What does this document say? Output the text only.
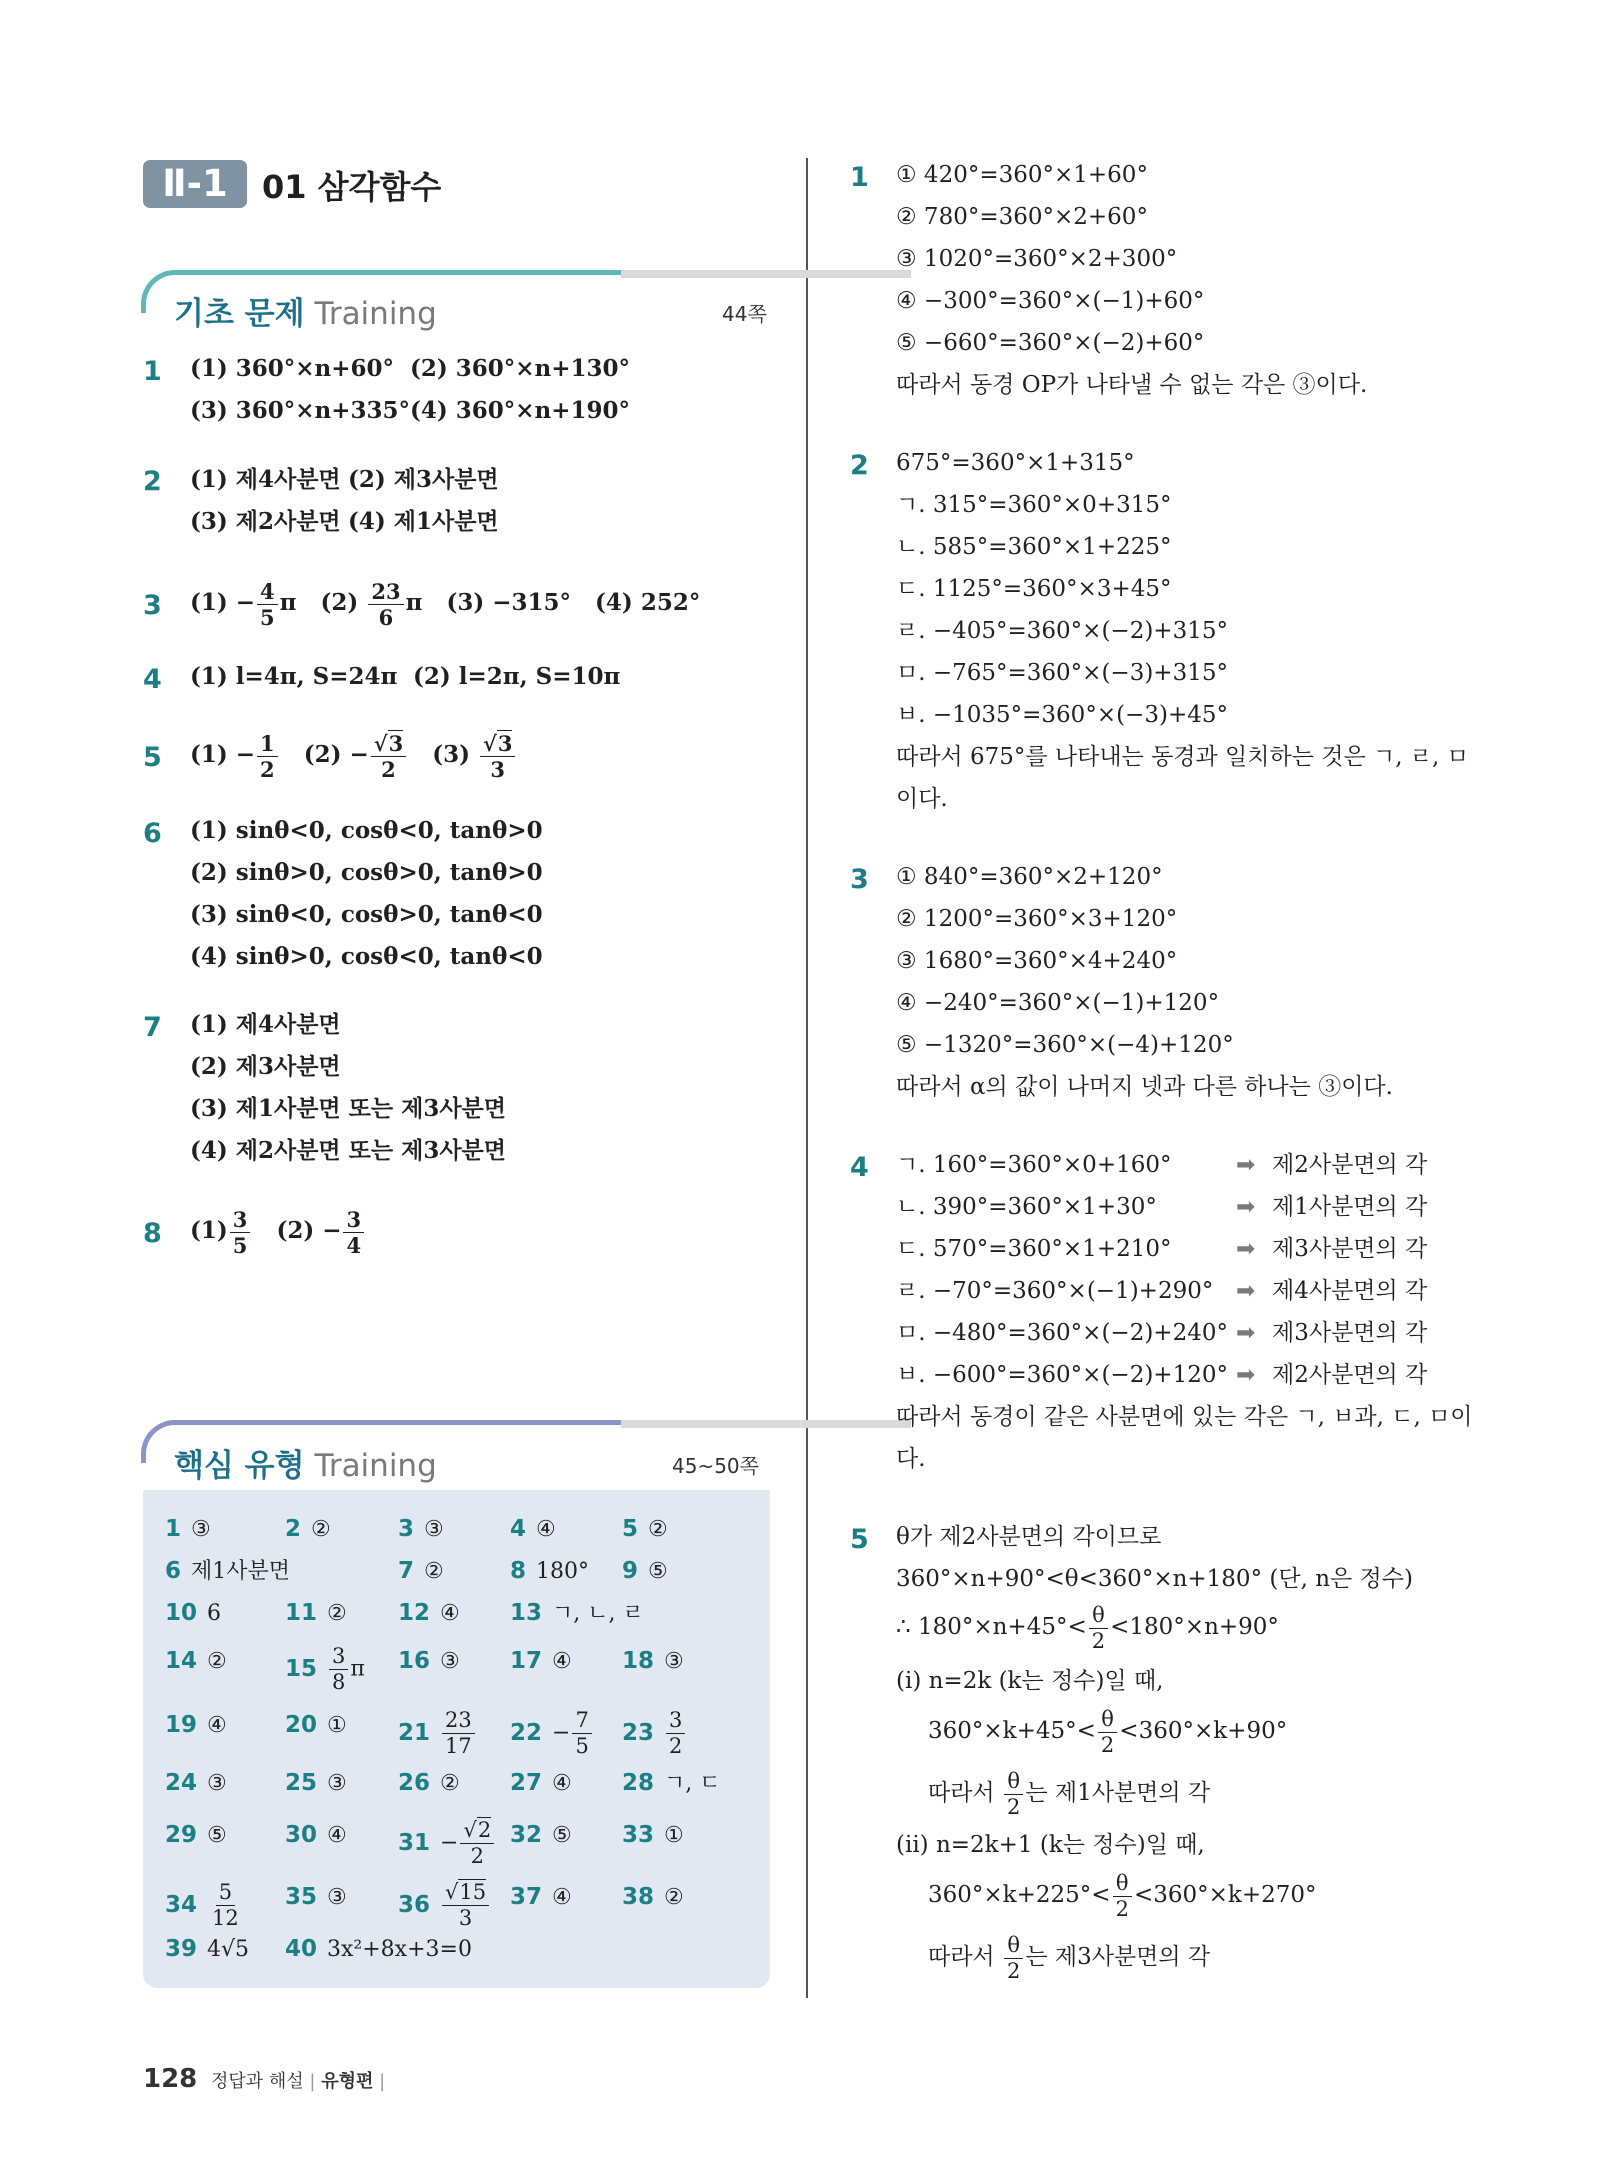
Ⅱ-1	01 삼각함수
기초 문제 Training	44쪽
1 (1) 360°×n+60° (2) 360°×n+130°
(3) 360°×n+335° (4) 360°×n+190°
2 (1) 제4사분면 (2) 제3사분면
(3) 제2사분면 (4) 제1사분면
3 $(1) - \frac{4}{5}$ π $(2) \frac{23}{6}$ π (3) −315° (4) 252°
4 (1) l=4π, S=24π (2) l=2π, S=10π
5 $(1) - \frac{1}{2} (2) - \frac{√3}{2} (3) \frac{√3}{3}$
6 (1) sinθ<0, cosθ<0, tanθ>0
(2) sinθ>0, cosθ>0, tanθ>0
(3) sinθ<0, cosθ>0, tanθ<0
(4) sinθ>0, cosθ<0, tanθ<0
7 (1) 제4사분면
(2) 제3사분면
(3) 제1사분면 또는 제3사분면
(4) 제2사분면 또는 제3사분면
8 $(1) \frac{3}{5} (2) - \frac{3}{4}$
핵심 유형 Training	45~50쪽
1 ③	2 ②	3 ③	4 ④	5 ②
6 제1사분면	7 ②	8 180° 9 ⑤
10 6	11 ② 12 ④ 13 ㄱ, ㄴ, ㄹ
14 ②	$15 \frac{3}{8}$ π 16 ③ 17 ④ 18 ③
19 ④	20 ① $21 \frac{23}{17} 22 - \frac{7}{5} 23 \frac{3}{2}$
24 ③	25 ③ 26 ② 27 ④ 28 ㄱ, ㄷ
29 ⑤	30 ④ $31 - \frac{√2}{2} 32$ ⑤ 33 ①
$34 \frac{5}{12} 35$ ③ $36 \frac{√15}{3} 37$ ④ 38 ②
39 4√5 40 3x²+8x+3=0
1 ① 420°=360°×1+60°
② 780°=360°×2+60°
③ 1020°=360°×2+300°
④ −300°=360°×(−1)+60°
⑤ −660°=360°×(−2)+60°
따라서 동경 OP가 나타낼 수 없는 각은 ③이다.
2 675°=360°×1+315°
ㄱ. 315°=360°×0+315°
ㄴ. 585°=360°×1+225°
ㄷ. 1125°=360°×3+45°
ㄹ. −405°=360°×(−2)+315°
ㅁ. −765°=360°×(−3)+315°
ㅂ. −1035°=360°×(−3)+45°
따라서 675°를 나타내는 동경과 일치하는 것은 ㄱ, ㄹ, ㅁ
이다.
3 ① 840°=360°×2+120°
② 1200°=360°×3+120°
③ 1680°=360°×4+240°
④ −240°=360°×(−1)+120°
⑤ −1320°=360°×(−4)+120°
따라서 α의 값이 나머지 넷과 다른 하나는 ③이다.
4 ㄱ. 160°=360°×0+160°	➡ 제2사분면의 각
ㄴ. 390°=360°×1+30°	➡ 제1사분면의 각
ㄷ. 570°=360°×1+210°	➡ 제3사분면의 각
ㄹ. −70°=360°×(−1)+290° ➡ 제4사분면의 각
ㅁ. −480°=360°×(−2)+240° ➡ 제3사분면의 각
ㅂ. −600°=360°×(−2)+120° ➡ 제2사분면의 각
따라서 동경이 같은 사분면에 있는 각은 ㄱ, ㅂ과, ㄷ, ㅁ이
다.
5 θ가 제2사분면의 각이므로
360°×n+90°<θ<360°×n+180° (단, n은 정수)
∴ $180^\circ\times n+45^\circ< \frac{\theta}{2} <180^\circ\times n+90^\circ$
(i) n=2k (k는 정수)일 때,
$360^\circ\times k+45^\circ< \frac{\theta}{2} <360^\circ\times k+90^\circ$
따라서 $\frac{\theta}{2}$ 는 제1사분면의 각
(ii) n=2k+1 (k는 정수)일 때,
$360^\circ\times k+225^\circ< \frac{\theta}{2} <360^\circ\times k+270^\circ$
따라서 $\frac{\theta}{2}$ 는 제3사분면의 각
128 정답과 해설 | 유형편 |
